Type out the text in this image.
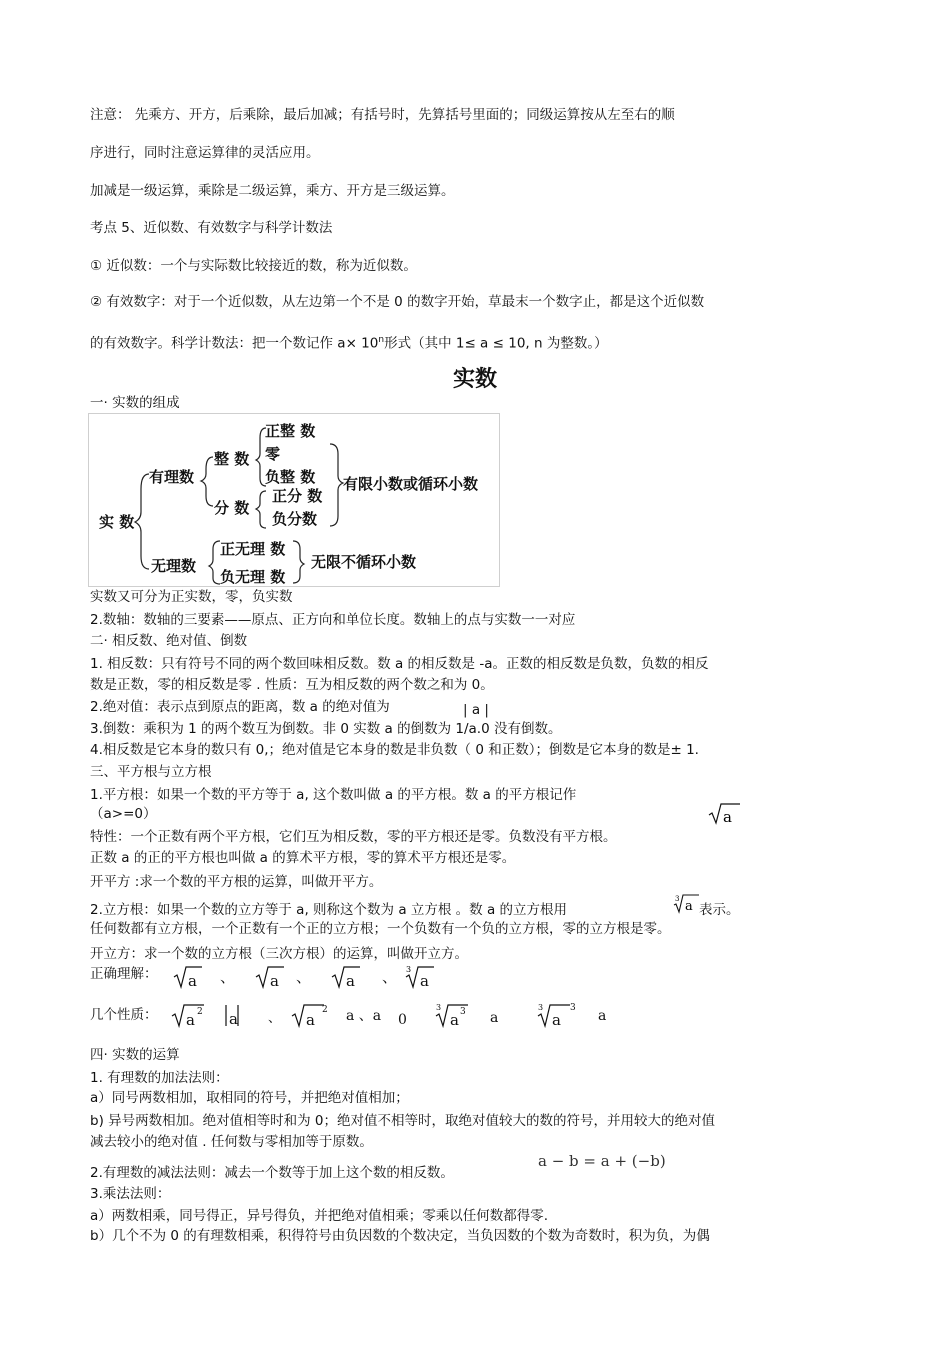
注意： 先乘方、开方，后乘除，最后加减；有括号时，先算括号里面的；同级运算按从左至右的顺
序进行，同时注意运算律的灵活应用。
加减是一级运算，乘除是二级运算，乘方、开方是三级运算。
考点 5、近似数、有效数字与科学计数法
① 近似数：一个与实际数比较接近的数，称为近似数。
② 有效数字：对于一个近似数，从左边第一个不是 0 的数字开始，草最末一个数字止，都是这个近似数
的有效数字。科学计数法：把一个数记作 $a\times 10^n$形式（其中 1≤ a ≤ 10, n 为整数。）
实数
一· 实数的组成
实 数
有理数
无理数
整 数
分 数
正整 数
零
负整 数
正分 数
负分数
正无理 数
负无理 数
有限小数或循环小数
无限不循环小数
实数又可分为正实数，零，负实数
2.数轴：数轴的三要素——原点、正方向和单位长度。数轴上的点与实数一一对应
二· 相反数、绝对值、倒数
1. 相反数：只有符号不同的两个数回味相反数。数 a 的相反数是 -a。正数的相反数是负数，负数的相反
数是正数，零的相反数是零 . 性质：互为相反数的两个数之和为 0。
2.绝对值：表示点到原点的距离，数 a 的绝对值为	| a |
3.倒数：乘积为 1 的两个数互为倒数。非 0 实数 a 的倒数为 1/a.0 没有倒数。
4.相反数是它本身的数只有 0,；绝对值是它本身的数是非负数（ 0 和正数）；倒数是它本身的数是± 1.
三、平方根与立方根
1.平方根：如果一个数的平方等于 a, 这个数叫做 a 的平方根。数 a 的平方根记作
（a>=0）	a
特性：一个正数有两个平方根，它们互为相反数，零的平方根还是零。负数没有平方根。
正数 a 的正的平方根也叫做 a 的算术平方根，零的算术平方根还是零。
开平方 :求一个数的平方根的运算，叫做开平方。
2.立方根：如果一个数的立方等于 a, 则称这个数为 a 立方根 。数 a 的立方根用
3 a 表示。
任何数都有立方根，一个正数有一个正的立方根；一个负数有一个负的立方根，零的立方根是零。
开立方：求一个数的立方根（三次方根）的运算，叫做开立方。
正确理解： a 、 a 、 a 、 a
3
几个性质： a 2 a 、 a
2 a 、a 0
3
a 3 a
3
a
3 a
四· 实数的运算
1. 有理数的加法法则：
a）同号两数相加，取相同的符号，并把绝对值相加；
b) 异号两数相加。绝对值相等时和为 0；绝对值不相等时，取绝对值较大的数的符号，并用较大的绝对值
减去较小的绝对值 . 任何数与零相加等于原数。
2.有理数的减法法则：减去一个数等于加上这个数的相反数。
a − b = a + (−b)
3.乘法法则：
a）两数相乘，同号得正，异号得负，并把绝对值相乘；零乘以任何数都得零.
b）几个不为 0 的有理数相乘，积得符号由负因数的个数决定，当负因数的个数为奇数时，积为负，为偶
